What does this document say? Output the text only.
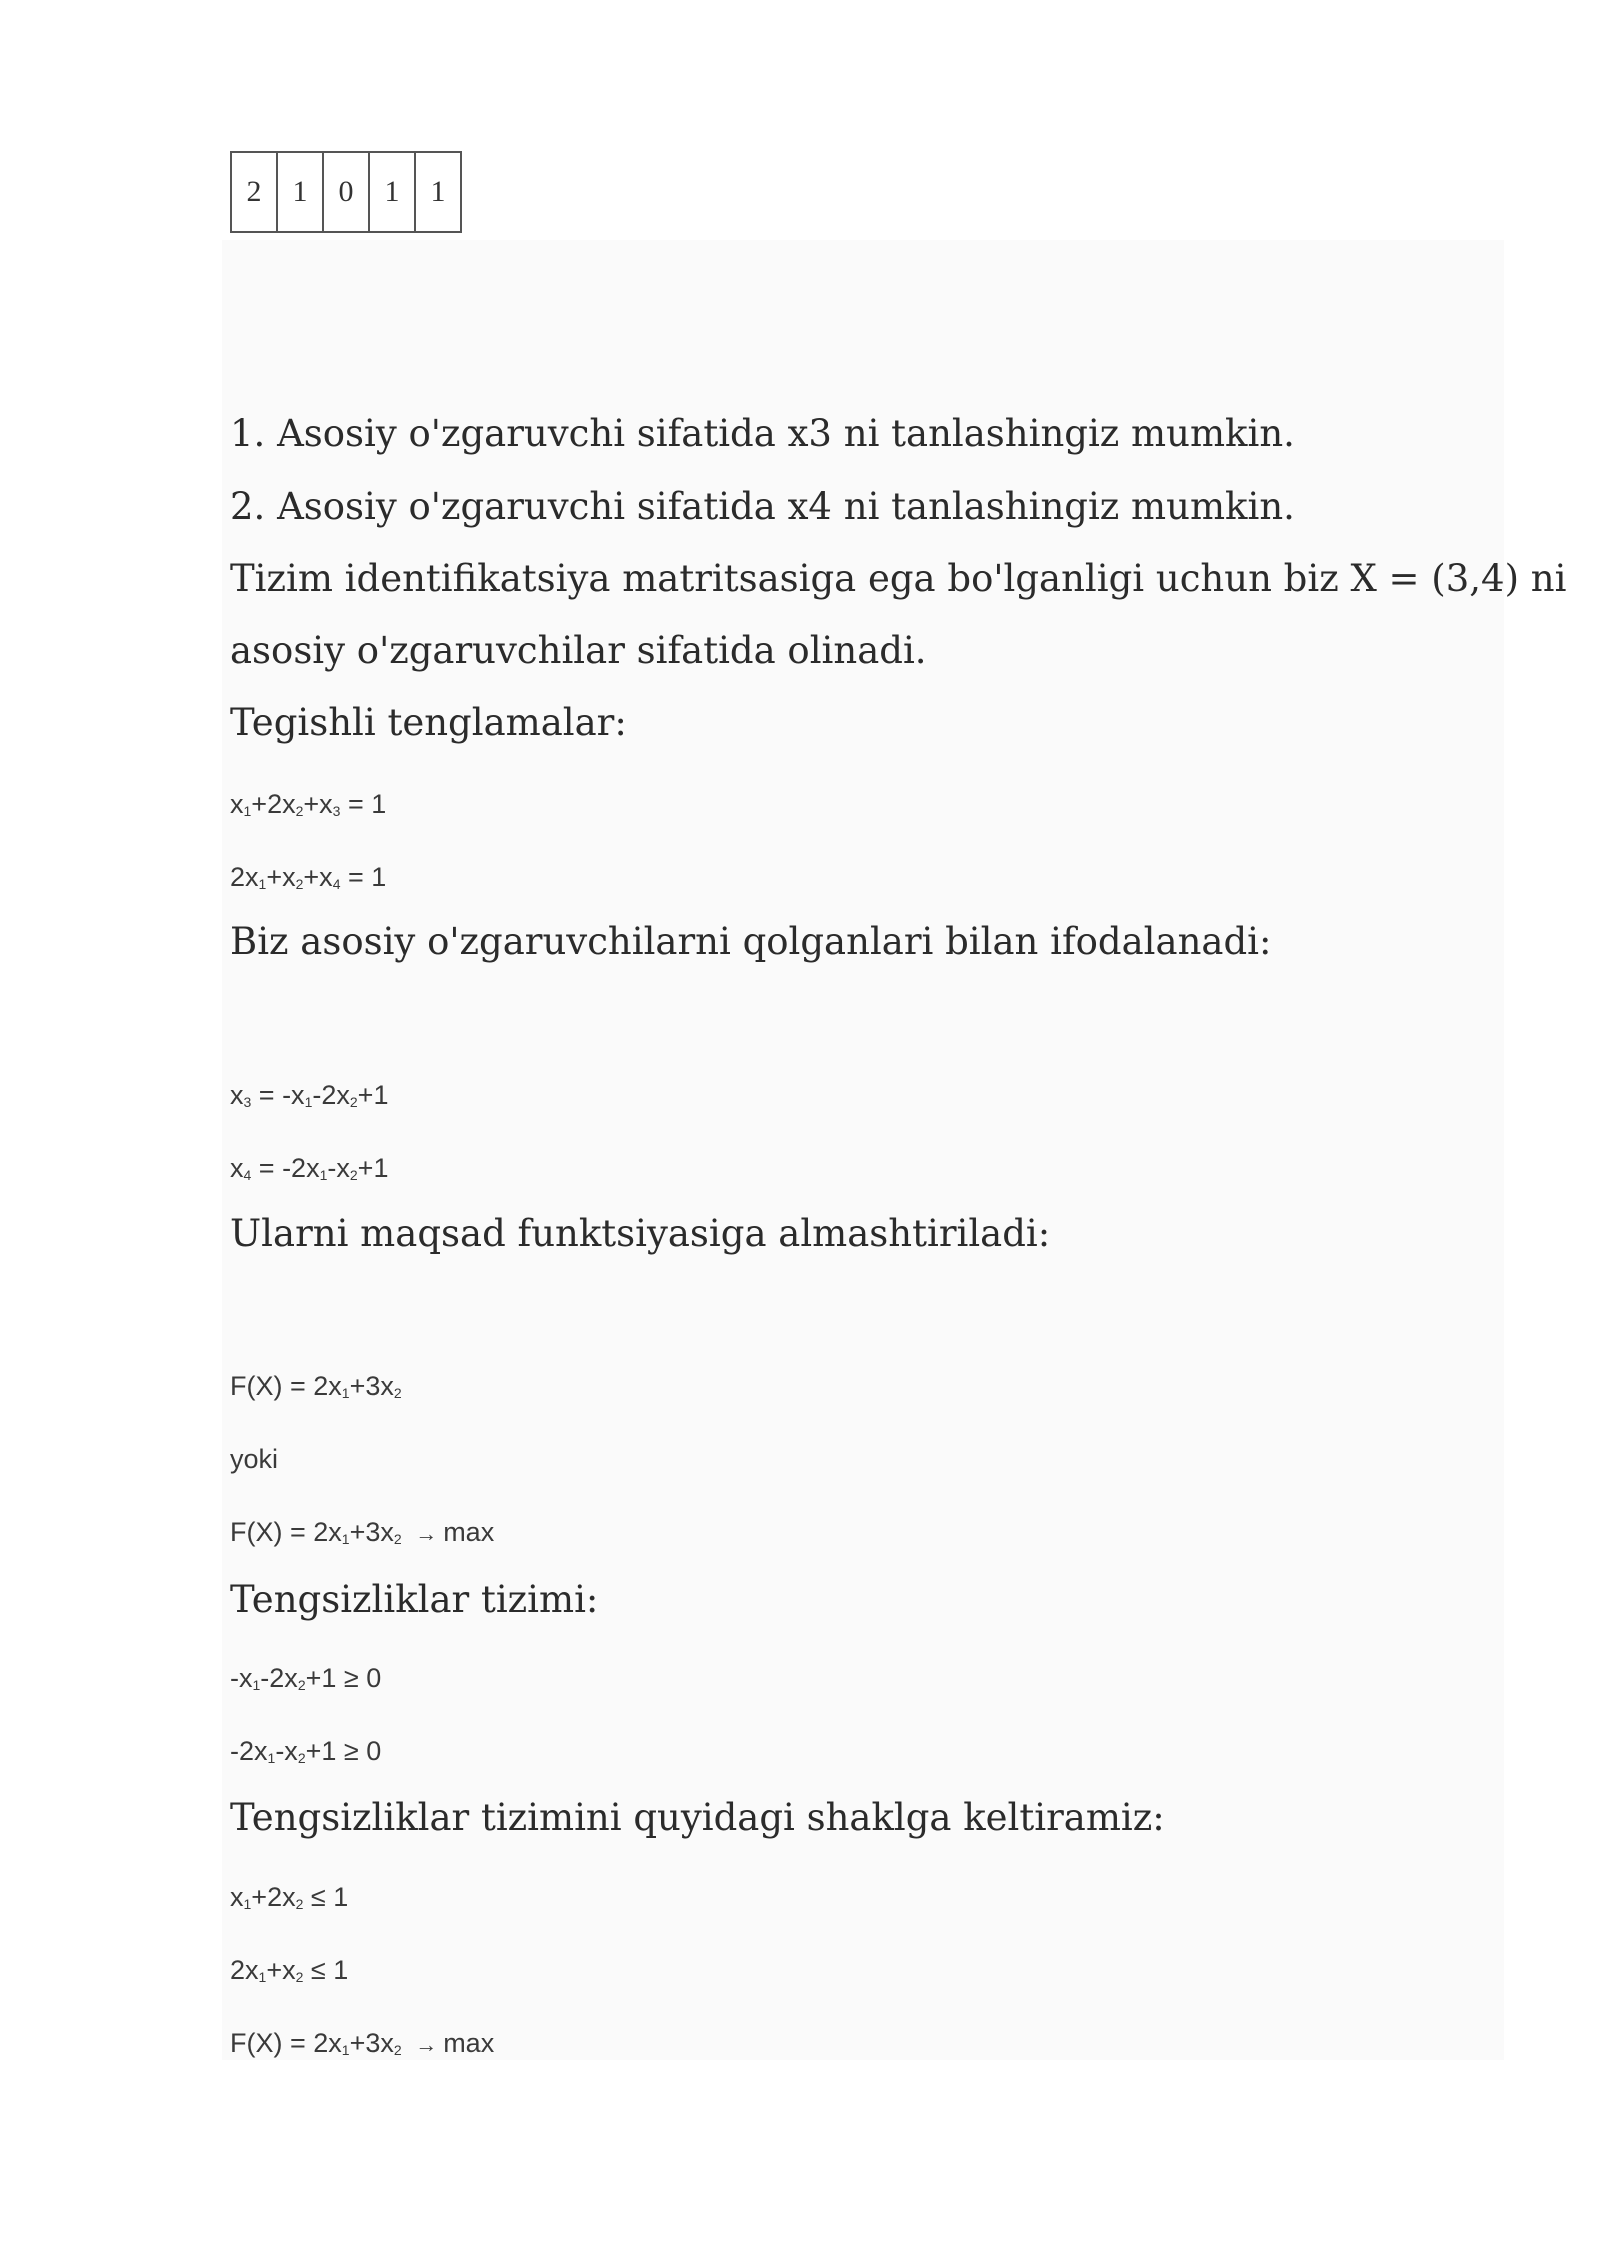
2	1	0	1	1
1. Asosiy o'zgaruvchi sifatida x3 ni tanlashingiz mumkin.
2. Asosiy o'zgaruvchi sifatida x4 ni tanlashingiz mumkin.
Tizim identifikatsiya matritsasiga ega bo'lganligi uchun biz X = (3,4) ni
asosiy o'zgaruvchilar sifatida olinadi.
Tegishli tenglamalar:
$x_1+2x_2+x_3 = 1$
$2x_1+x_2+x_4 = 1$
Biz asosiy o'zgaruvchilarni qolganlari bilan ifodalanadi:
$x_3 = -x_1-2x_2+1$
$x_4 = -2x_1-x_2+1$
Ularni maqsad funktsiyasiga almashtiriladi:
$F(X) = 2x_1+3x_2$
yoki
$F(X) = 2x_1+3x_2 \to \max$
Tengsizliklar tizimi:
$-x_1-2x_2+1 \ge 0$
$-2x_1-x_2+1 \ge 0$
Tengsizliklar tizimini quyidagi shaklga keltiramiz:
$x_1+2x_2 \le 1$
$2x_1+x_2 \le 1$
$F(X) = 2x_1+3x_2 \to \max$
